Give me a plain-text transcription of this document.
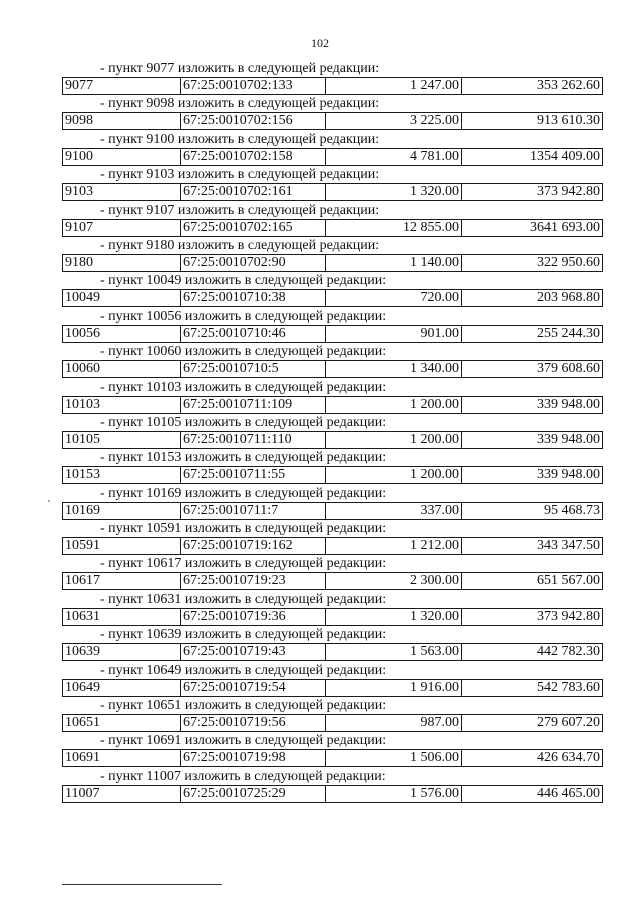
102
- пункт 9077 изложить в следующей редакции:
9077	67:25:0010702:133	1 247.00	353 262.60
- пункт 9098 изложить в следующей редакции:
9098	67:25:0010702:156	3 225.00	913 610.30
- пункт 9100 изложить в следующей редакции:
9100	67:25:0010702:158	4 781.00	1354 409.00
- пункт 9103 изложить в следующей редакции:
9103	67:25:0010702:161	1 320.00	373 942.80
- пункт 9107 изложить в следующей редакции:
9107	67:25:0010702:165	12 855.00	3641 693.00
- пункт 9180 изложить в следующей редакции:
9180	67:25:0010702:90	1 140.00	322 950.60
- пункт 10049 изложить в следующей редакции:
10049	67:25:0010710:38	720.00	203 968.80
- пункт 10056 изложить в следующей редакции:
10056	67:25:0010710:46	901.00	255 244.30
- пункт 10060 изложить в следующей редакции:
10060	67:25:0010710:5	1 340.00	379 608.60
- пункт 10103 изложить в следующей редакции:
10103	67:25:0010711:109	1 200.00	339 948.00
- пункт 10105 изложить в следующей редакции:
10105	67:25:0010711:110	1 200.00	339 948.00
- пункт 10153 изложить в следующей редакции:
10153	67:25:0010711:55	1 200.00	339 948.00
- пункт 10169 изложить в следующей редакции:
10169	67:25:0010711:7	337.00	95 468.73
- пункт 10591 изложить в следующей редакции:
10591	67:25:0010719:162	1 212.00	343 347.50
- пункт 10617 изложить в следующей редакции:
10617	67:25:0010719:23	2 300.00	651 567.00
- пункт 10631 изложить в следующей редакции:
10631	67:25:0010719:36	1 320.00	373 942.80
- пункт 10639 изложить в следующей редакции:
10639	67:25:0010719:43	1 563.00	442 782.30
- пункт 10649 изложить в следующей редакции:
10649	67:25:0010719:54	1 916.00	542 783.60
- пункт 10651 изложить в следующей редакции:
10651	67:25:0010719:56	987.00	279 607.20
- пункт 10691 изложить в следующей редакции:
10691	67:25:0010719:98	1 506.00	426 634.70
- пункт 11007 изложить в следующей редакции:
11007	67:25:0010725:29	1 576.00	446 465.00
